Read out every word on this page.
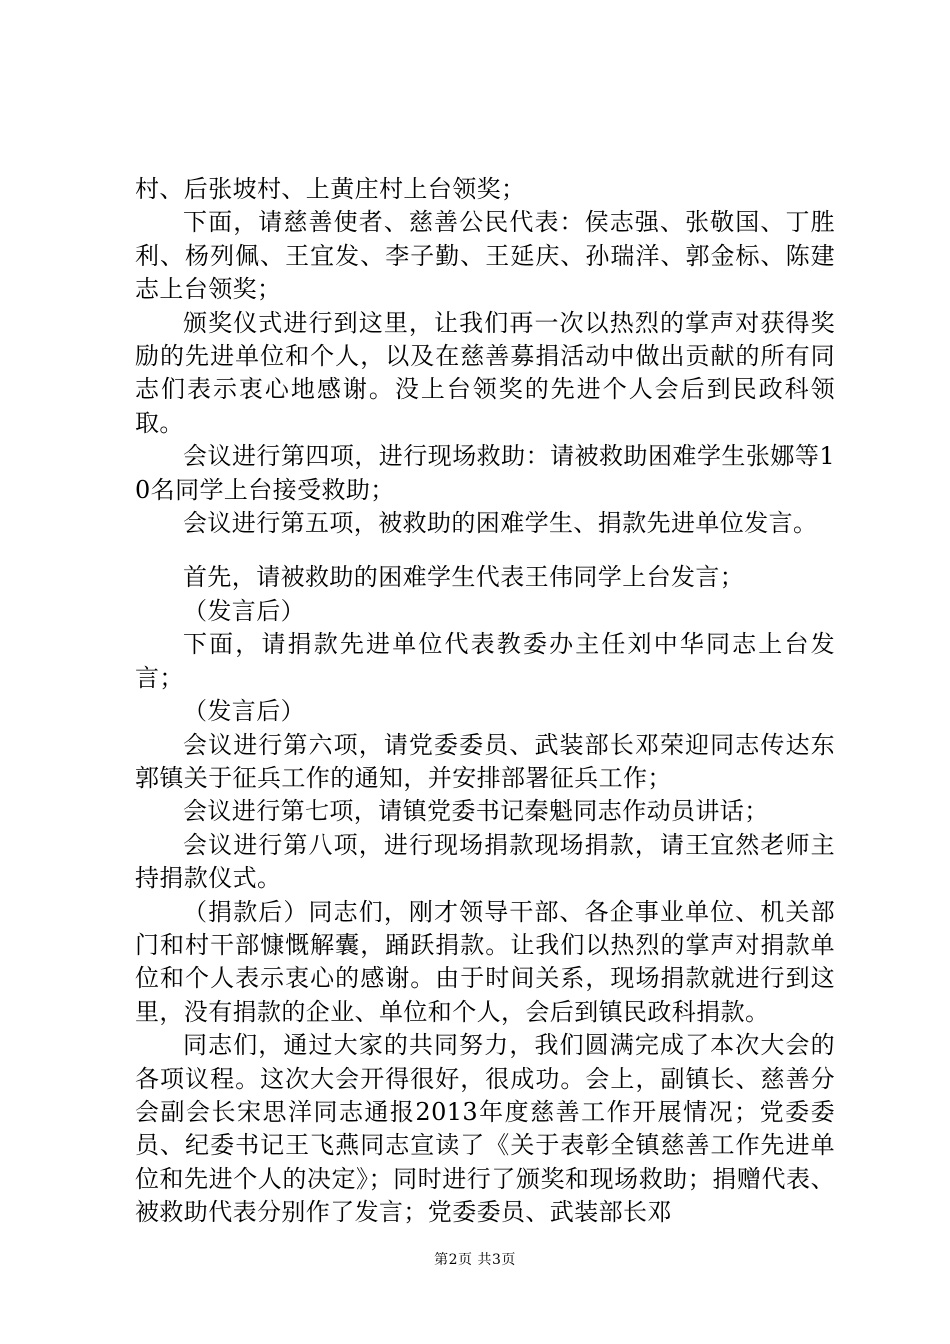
村、后张坡村、上黄庄村上台领奖；

下面，请慈善使者、慈善公民代表：侯志强、张敬国、丁胜利、杨列佩、王宜发、李子勤、王延庆、孙瑞洋、郭金标、陈建志上台领奖；

颁奖仪式进行到这里，让我们再一次以热烈的掌声对获得奖励的先进单位和个人，以及在慈善募捐活动中做出贡献的所有同志们表示衷心地感谢。没上台领奖的先进个人会后到民政科领取。

会议进行第四项，进行现场救助：请被救助困难学生张娜等10名同学上台接受救助；

会议进行第五项，被救助的困难学生、捐款先进单位发言。

首先，请被救助的困难学生代表王伟同学上台发言；

（发言后）

下面，请捐款先进单位代表教委办主任刘中华同志上台发言；

（发言后）

会议进行第六项，请党委委员、武装部长邓荣迎同志传达东郭镇关于征兵工作的通知，并安排部署征兵工作；

会议进行第七项，请镇党委书记秦魁同志作动员讲话；

会议进行第八项，进行现场捐款现场捐款，请王宜然老师主持捐款仪式。

（捐款后）同志们，刚才领导干部、各企事业单位、机关部门和村干部慷慨解囊，踊跃捐款。让我们以热烈的掌声对捐款单位和个人表示衷心的感谢。由于时间关系，现场捐款就进行到这里，没有捐款的企业、单位和个人，会后到镇民政科捐款。

同志们，通过大家的共同努力，我们圆满完成了本次大会的各项议程。这次大会开得很好，很成功。会上，副镇长、慈善分会副会长宋思洋同志通报2013年度慈善工作开展情况；党委委员、纪委书记王飞燕同志宣读了《关于表彰全镇慈善工作先进单位和先进个人的决定》；同时进行了颁奖和现场救助；捐赠代表、被救助代表分别作了发言；党委委员、武装部长邓

第2页 共3页
